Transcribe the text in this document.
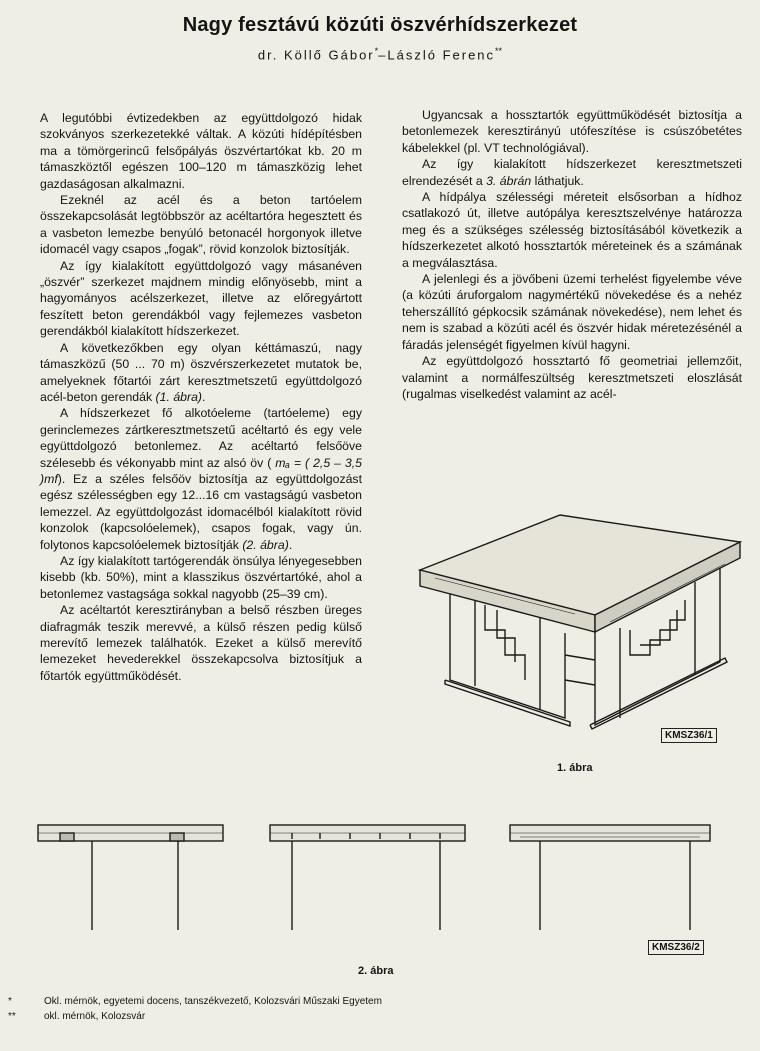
Nagy fesztávú közúti öszvérhídszerkezet
dr. Köllő Gábor*–László Ferenc**

A legutóbbi évtizedekben az együttdolgozó hidak szokványos szerkezetekké váltak. A közúti hídépítésben ma a tömörgerincű felsőpályás öszvértartókat kb. 20 m támaszköztől egészen 100–120 m támaszközig lehet gazdaságosan alkalmazni.

Ezeknél az acél és a beton tartóelem összekapcsolását legtöbbször az acéltartóra hegesztett és a vasbeton lemezbe benyúló betonacél horgonyok illetve idomacél vagy csapos „fogak”, rövid konzolok biztosítják.

Az így kialakított együttdolgozó vagy másanéven „öszvér” szerkezet majdnem mindig előnyösebb, mint a hagyományos acélszerkezet, illetve az előregyártott feszített beton gerendákból vagy fejlemezes vasbeton gerendákból kialakított hídszerkezet.

A következőkben egy olyan kéttámaszú, nagy támaszközű (50 ... 70 m) öszvérszerkezetet mutatok be, amelyeknek főtartói zárt keresztmetszetű együttdolgozó acél-beton gerendák (1. ábra).

A hídszerkezet fő alkotóeleme (tartóeleme) egy gerinclemezes zártkeresztmetszetű acéltartó és egy vele együttdolgozó betonlemez. Az acéltartó felsőöve szélesebb és vékonyabb mint az alsó öv ( mₐ = ( 2,5 – 3,5 )mf). Ez a széles felsőöv biztosítja az együttdolgozást egész szélességben egy 12...16 cm vastagságú vasbeton lemezzel. Az együttdolgozást idomacélból kialakított rövid konzolok (kapcsolóelemek), csapos fogak, vagy ún. folytonos kapcsolóelemek biztosítják (2. ábra).

Az így kialakított tartógerendák önsúlya lényegesebben kisebb (kb. 50%), mint a klasszikus öszvértartóké, ahol a betonlemez vastagsága sokkal nagyobb (25–39 cm).

Az acéltartót keresztirányban a belső részben üreges diafragmák teszik merevvé, a külső részen pedig külső merevítő lemezek találhatók. Ezeket a külső merevítő lemezeket hevederekkel összekapcsolva biztosítjuk a főtartók együttműködését.

Ugyancsak a hossztartók együttműködését biztosítja a betonlemezek keresztirányú utófeszítése is csúszóbetétes kábelekkel (pl. VT technológiával).

Az így kialakított hídszerkezet keresztmetszeti elrendezését a 3. ábrán láthatjuk.

A hídpálya szélességi méreteit elsősorban a hídhoz csatlakozó út, illetve autópálya keresztszelvénye határozza meg és a szükséges szélesség biztosításából következik a hídszerkezetet alkotó hossztartók méreteinek és a számának a megválasztása.

A jelenlegi és a jövőbeni üzemi terhelést figyelembe véve (a közúti áruforgalom nagymértékű növekedése és a nehéz teherszállító gépkocsik számának növekedése), nem lehet és nem is szabad a közúti acél és öszvér hidak méretezésénél a fáradás jelenségét figyelmen kívül hagyni.

Az együttdolgozó hossztartó fő geometriai jellemzőit, valamint a normálfeszültség keresztmetszeti eloszlását (rugalmas viselkedést valamint az acél-

KMSZ36/1
1. ábra
KMSZ36/2
2. ábra
*	Okl. mérnök, egyetemi docens, tanszékvezető, Kolozsvári Műszaki Egyetem
**	okl. mérnök, Kolozsvár
